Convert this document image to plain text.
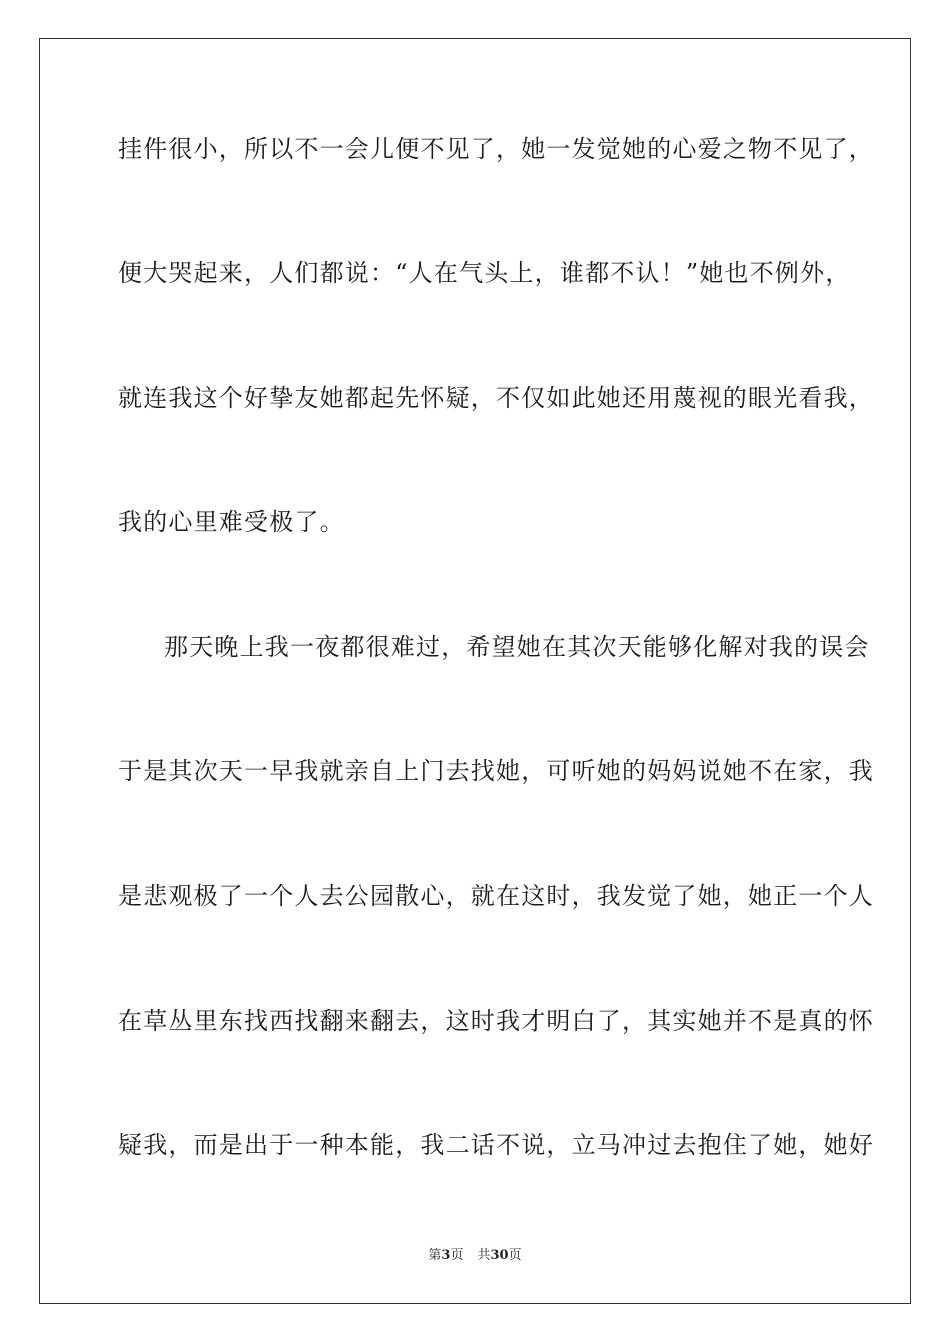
挂件很小，所以不一会儿便不见了，她一发觉她的心爱之物不见了，
便大哭起来，人们都说：“人在气头上，谁都不认！”她也不例外，
就连我这个好挚友她都起先怀疑，不仅如此她还用蔑视的眼光看我，
我的心里难受极了。
那天晚上我一夜都很难过，希望她在其次天能够化解对我的误会
于是其次天一早我就亲自上门去找她，可听她的妈妈说她不在家，我
是悲观极了一个人去公园散心，就在这时，我发觉了她，她正一个人
在草丛里东找西找翻来翻去，这时我才明白了，其实她并不是真的怀
疑我，而是出于一种本能，我二话不说，立马冲过去抱住了她，她好
第3页 共30页
